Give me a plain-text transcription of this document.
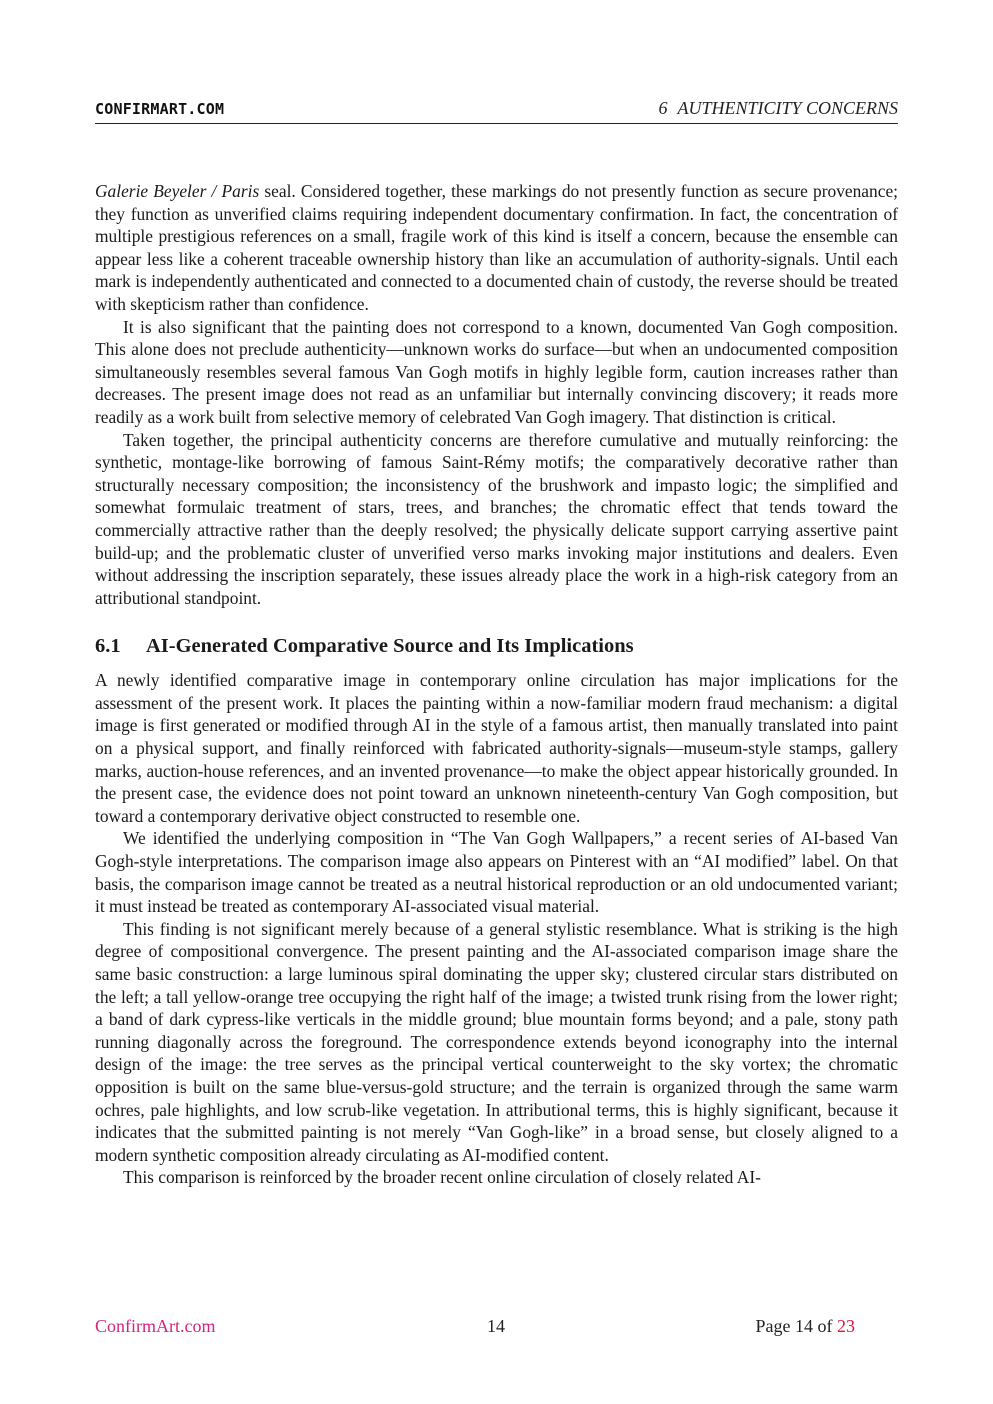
CONFIRMART.COM	6 AUTHENTICITY CONCERNS

Galerie Beyeler / Paris seal. Considered together, these markings do not presently function as secure provenance; they function as unverified claims requiring independent documentary confirmation. In fact, the concentration of multiple prestigious references on a small, fragile work of this kind is itself a concern, because the ensemble can appear less like a coherent traceable ownership history than like an accumulation of authority-signals. Until each mark is independently authenticated and connected to a documented chain of custody, the reverse should be treated with skepticism rather than confidence.

It is also significant that the painting does not correspond to a known, documented Van Gogh composition. This alone does not preclude authenticity—unknown works do surface—but when an undocumented composition simultaneously resembles several famous Van Gogh motifs in highly legible form, caution increases rather than decreases. The present image does not read as an unfamiliar but internally convincing discovery; it reads more readily as a work built from selective memory of celebrated Van Gogh imagery. That distinction is critical.

Taken together, the principal authenticity concerns are therefore cumulative and mutually reinforcing: the synthetic, montage-like borrowing of famous Saint-Rémy motifs; the comparatively decorative rather than structurally necessary composition; the inconsistency of the brushwork and impasto logic; the simplified and somewhat formulaic treatment of stars, trees, and branches; the chromatic effect that tends toward the commercially attractive rather than the deeply resolved; the physically delicate support carrying assertive paint build-up; and the problematic cluster of unverified verso marks invoking major institutions and dealers. Even without addressing the inscription separately, these issues already place the work in a high-risk category from an attributional standpoint.

6.1 AI-Generated Comparative Source and Its Implications

A newly identified comparative image in contemporary online circulation has major implications for the assessment of the present work. It places the painting within a now-familiar modern fraud mechanism: a digital image is first generated or modified through AI in the style of a famous artist, then manually translated into paint on a physical support, and finally reinforced with fabricated authority-signals—museum-style stamps, gallery marks, auction-house references, and an invented provenance—to make the object appear historically grounded. In the present case, the evidence does not point toward an unknown nineteenth-century Van Gogh composition, but toward a contemporary derivative object constructed to resemble one.

We identified the underlying composition in “The Van Gogh Wallpapers,” a recent series of AI-based Van Gogh-style interpretations. The comparison image also appears on Pinterest with an “AI modified” label. On that basis, the comparison image cannot be treated as a neutral historical reproduction or an old undocumented variant; it must instead be treated as contemporary AI-associated visual material.

This finding is not significant merely because of a general stylistic resemblance. What is striking is the high degree of compositional convergence. The present painting and the AI-associated comparison image share the same basic construction: a large luminous spiral dominating the upper sky; clustered circular stars distributed on the left; a tall yellow-orange tree occupying the right half of the image; a twisted trunk rising from the lower right; a band of dark cypress-like verticals in the middle ground; blue mountain forms beyond; and a pale, stony path running diagonally across the foreground. The correspondence extends beyond iconography into the internal design of the image: the tree serves as the principal vertical counterweight to the sky vortex; the chromatic opposition is built on the same blue-versus-gold structure; and the terrain is organized through the same warm ochres, pale highlights, and low scrub-like vegetation. In attributional terms, this is highly significant, because it indicates that the submitted painting is not merely “Van Gogh-like” in a broad sense, but closely aligned to a modern synthetic composition already circulating as AI-modified content.

This comparison is reinforced by the broader recent online circulation of closely related AI-

ConfirmArt.com	14	Page 14 of 23
